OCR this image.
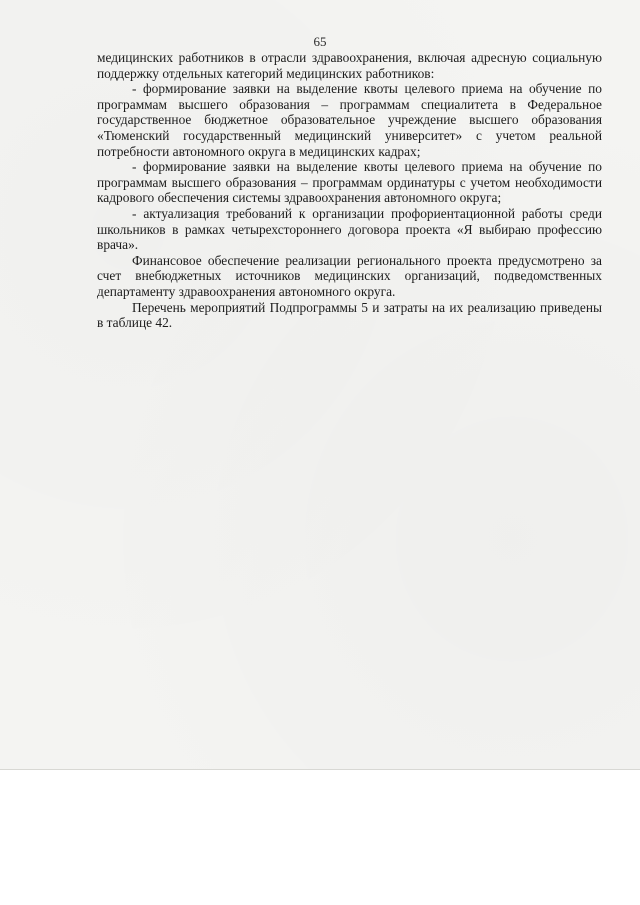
65

медицинских работников в отрасли здравоохранения, включая адресную социальную поддержку отдельных категорий медицинских работников:

- формирование заявки на выделение квоты целевого приема на обучение по программам высшего образования – программам специалитета в Федеральное государственное бюджетное образовательное учреждение высшего образования «Тюменский государственный медицинский университет» с учетом реальной потребности автономного округа в медицинских кадрах;

- формирование заявки на выделение квоты целевого приема на обучение по программам высшего образования – программам ординатуры с учетом необходимости кадрового обеспечения системы здравоохранения автономного округа;

- актуализация требований к организации профориентационной работы среди школьников в рамках четырехстороннего договора проекта «Я выбираю профессию врача».

Финансовое обеспечение реализации регионального проекта предусмотрено за счет внебюджетных источников медицинских организаций, подведомственных департаменту здравоохранения автономного округа.

Перечень мероприятий Подпрограммы 5 и затраты на их реализацию приведены в таблице 42.
